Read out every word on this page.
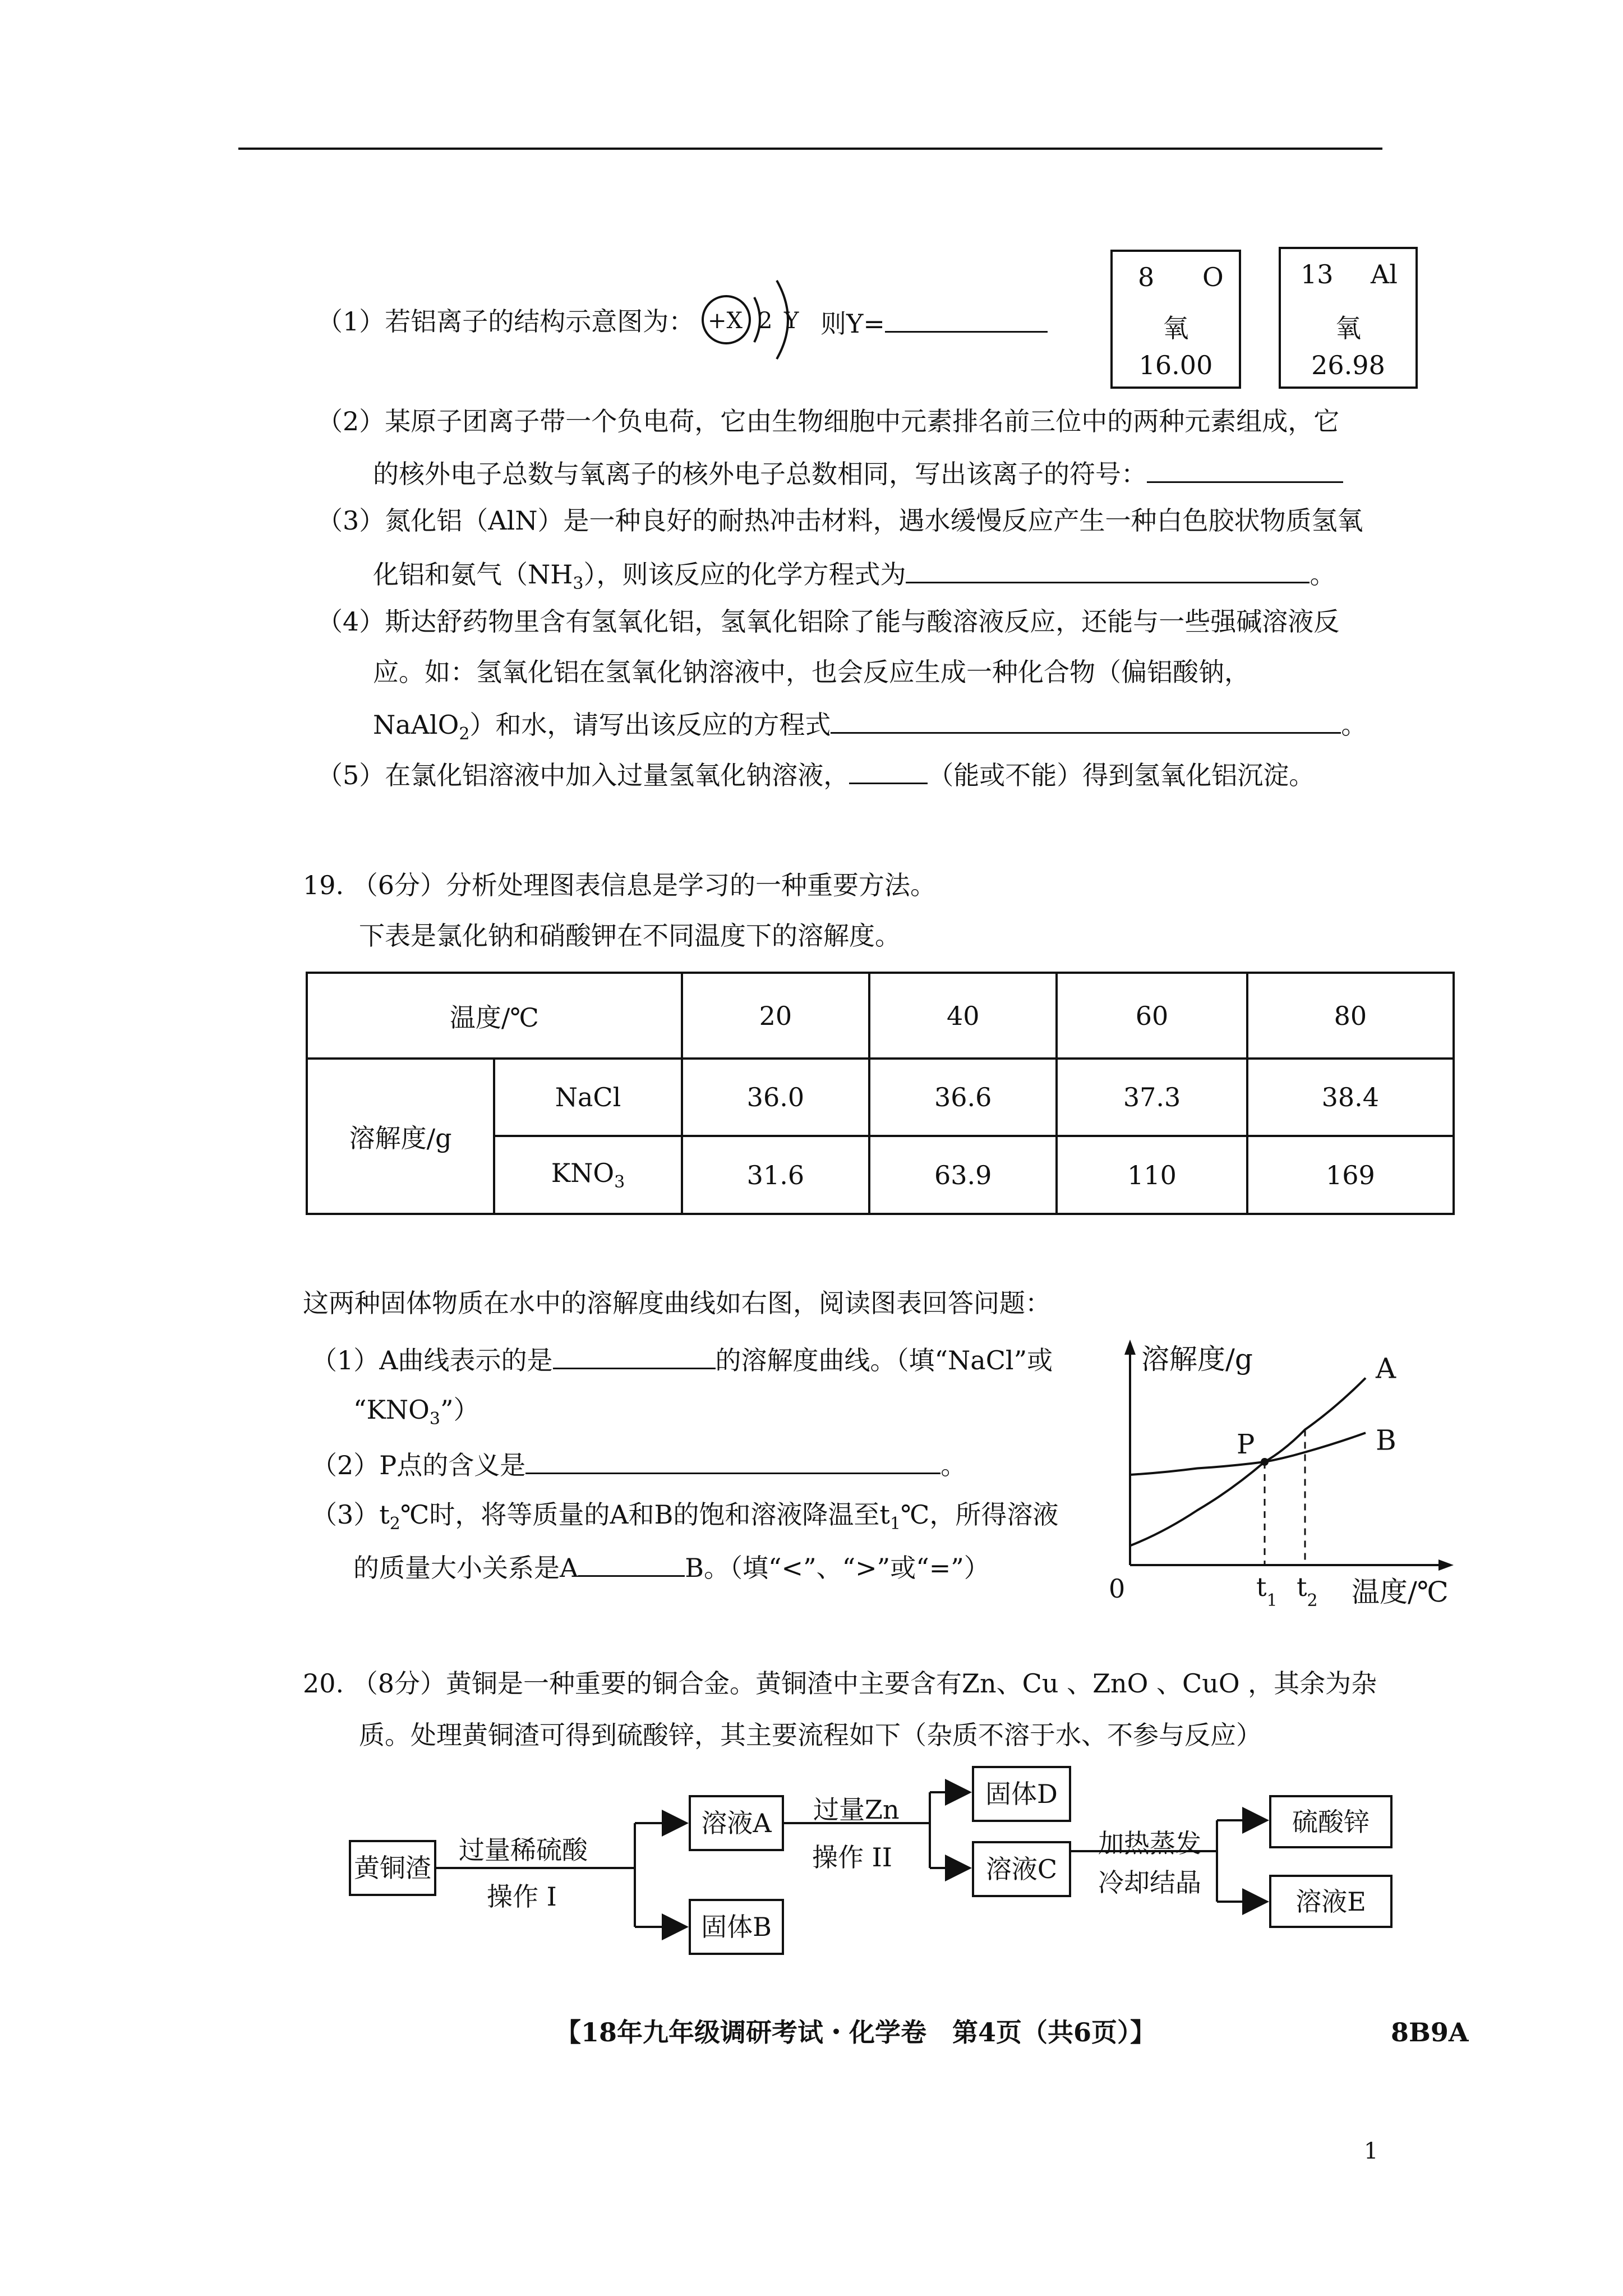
（1）若铝离子的结构示意图为： +X 2 Y 则Y=
8 O
氧
16.00
13 Al
氧
26.98
（2）某原子团离子带一个负电荷，它由生物细胞中元素排名前三位中的两种元素组成，它
的核外电子总数与氧离子的核外电子总数相同，写出该离子的符号：
（3）氮化铝（AlN）是一种良好的耐热冲击材料，遇水缓慢反应产生一种白色胶状物质氢氧
化铝和氨气$(NH_3)$，则该反应的化学方程式为	。
（4）斯达舒药物里含有氢氧化铝，氢氧化铝除了能与酸溶液反应，还能与一些强碱溶液反
应。如：氢氧化铝在氢氧化钠溶液中，也会反应生成一种化合物（偏铝酸钠，
NaAlO$_2$）和水，请写出该反应的方程式	。
（5）在氯化铝溶液中加入过量氢氧化钠溶液，	（能或不能）得到氢氧化铝沉淀。
19. （6分）分析处理图表信息是学习的一种重要方法。
下表是氯化钠和硝酸钾在不同温度下的溶解度。
温度/℃		20	40	60	80
溶解度/g	NaCl	36.0	36.6	37.3	38.4
	$KNO_3$	31.6	63.9	110	169
这两种固体物质在水中的溶解度曲线如右图，阅读图表回答问题：
（1）A曲线表示的是	的溶解度曲线。（填“NaCl”或
“$KNO_3$”）
（2）P点的含义是	。
$(3)t_2℃$时，将等质量的A和B的饱和溶液降温至$t_1℃$，所得溶液
的质量大小关系是A	B。（填“<”、“>”或“=”）
溶解度/g
0	温度/℃
A
B
P
$t_1$ $t_2$
20. （8分）黄铜是一种重要的铜合金。黄铜渣中主要含有Zn、Cu 、ZnO 、CuO ，其余为杂
质。处理黄铜渣可得到硫酸锌，其主要流程如下（杂质不溶于水、不参与反应）
黄铜渣
过量稀硫酸
操作 I
溶液A
固体B
过量Zn
操作 II
固体D
溶液C
加热蒸发
冷却结晶
硫酸锌
溶液E
【18年九年级调研考试・化学卷　第4页（共6页）】	8B9A
1
